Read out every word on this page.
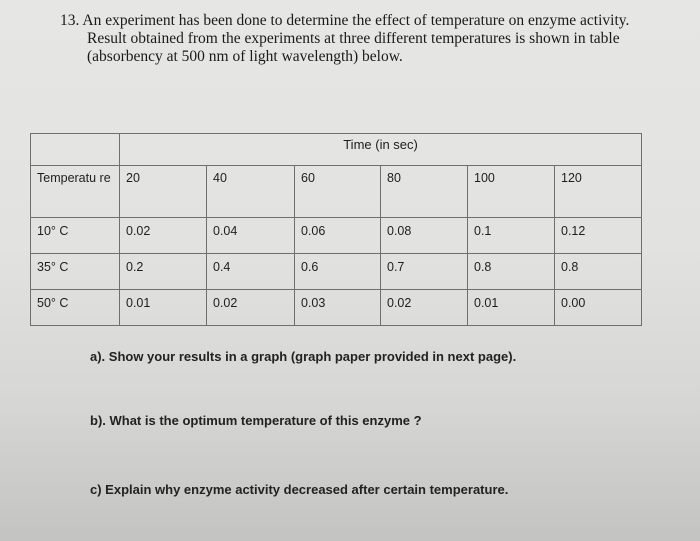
13. An experiment has been done to determine the effect of temperature on enzyme activity.
Result obtained from the experiments at three different temperatures is shown in table
(absorbency at 500 nm of light wavelength) below.
	Time (in sec)					
Temperatu re	20	40	60	80	100	120
10° C	0.02	0.04	0.06	0.08	0.1	0.12
35° C	0.2	0.4	0.6	0.7	0.8	0.8
50° C	0.01	0.02	0.03	0.02	0.01	0.00
a). Show your results in a graph (graph paper provided in next page).
b). What is the optimum temperature of this enzyme ?
c) Explain why enzyme activity decreased after certain temperature.
